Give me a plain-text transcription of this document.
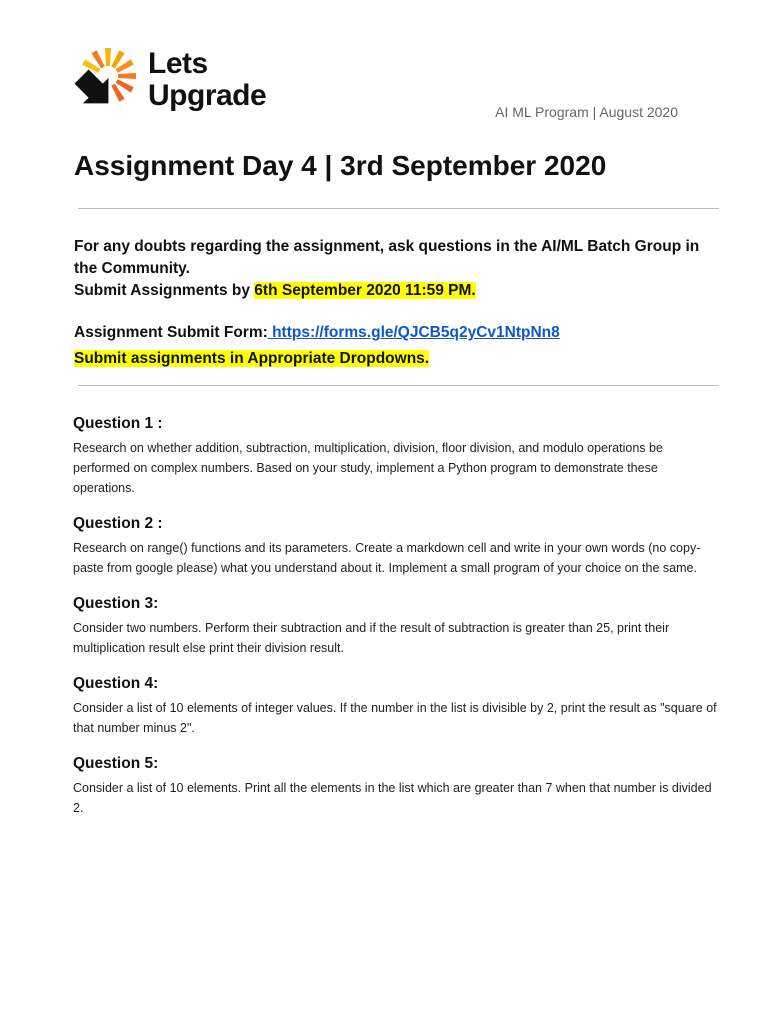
Lets
Upgrade	AI ML Program | August 2020
Assignment Day 4 | 3rd September 2020
For any doubts regarding the assignment, ask questions in the AI/ML Batch Group in the Community.
Submit Assignments by 6th September 2020 11:59 PM.
Assignment Submit Form: https://forms.gle/QJCB5q2yCv1NtpNn8
Submit assignments in Appropriate Dropdowns.
Question 1 :

Research on whether addition, subtraction, multiplication, division, floor division, and modulo operations be performed on complex numbers. Based on your study, implement a Python program to demonstrate these operations.

Question 2 :

Research on range() functions and its parameters. Create a markdown cell and write in your own words (no copy-paste from google please) what you understand about it. Implement a small program of your choice on the same.

Question 3:

Consider two numbers. Perform their subtraction and if the result of subtraction is greater than 25, print their multiplication result else print their division result.

Question 4:

Consider a list of 10 elements of integer values. If the number in the list is divisible by 2, print the result as "square of that number minus 2".

Question 5:

Consider a list of 10 elements. Print all the elements in the list which are greater than 7 when that number is divided 2.
